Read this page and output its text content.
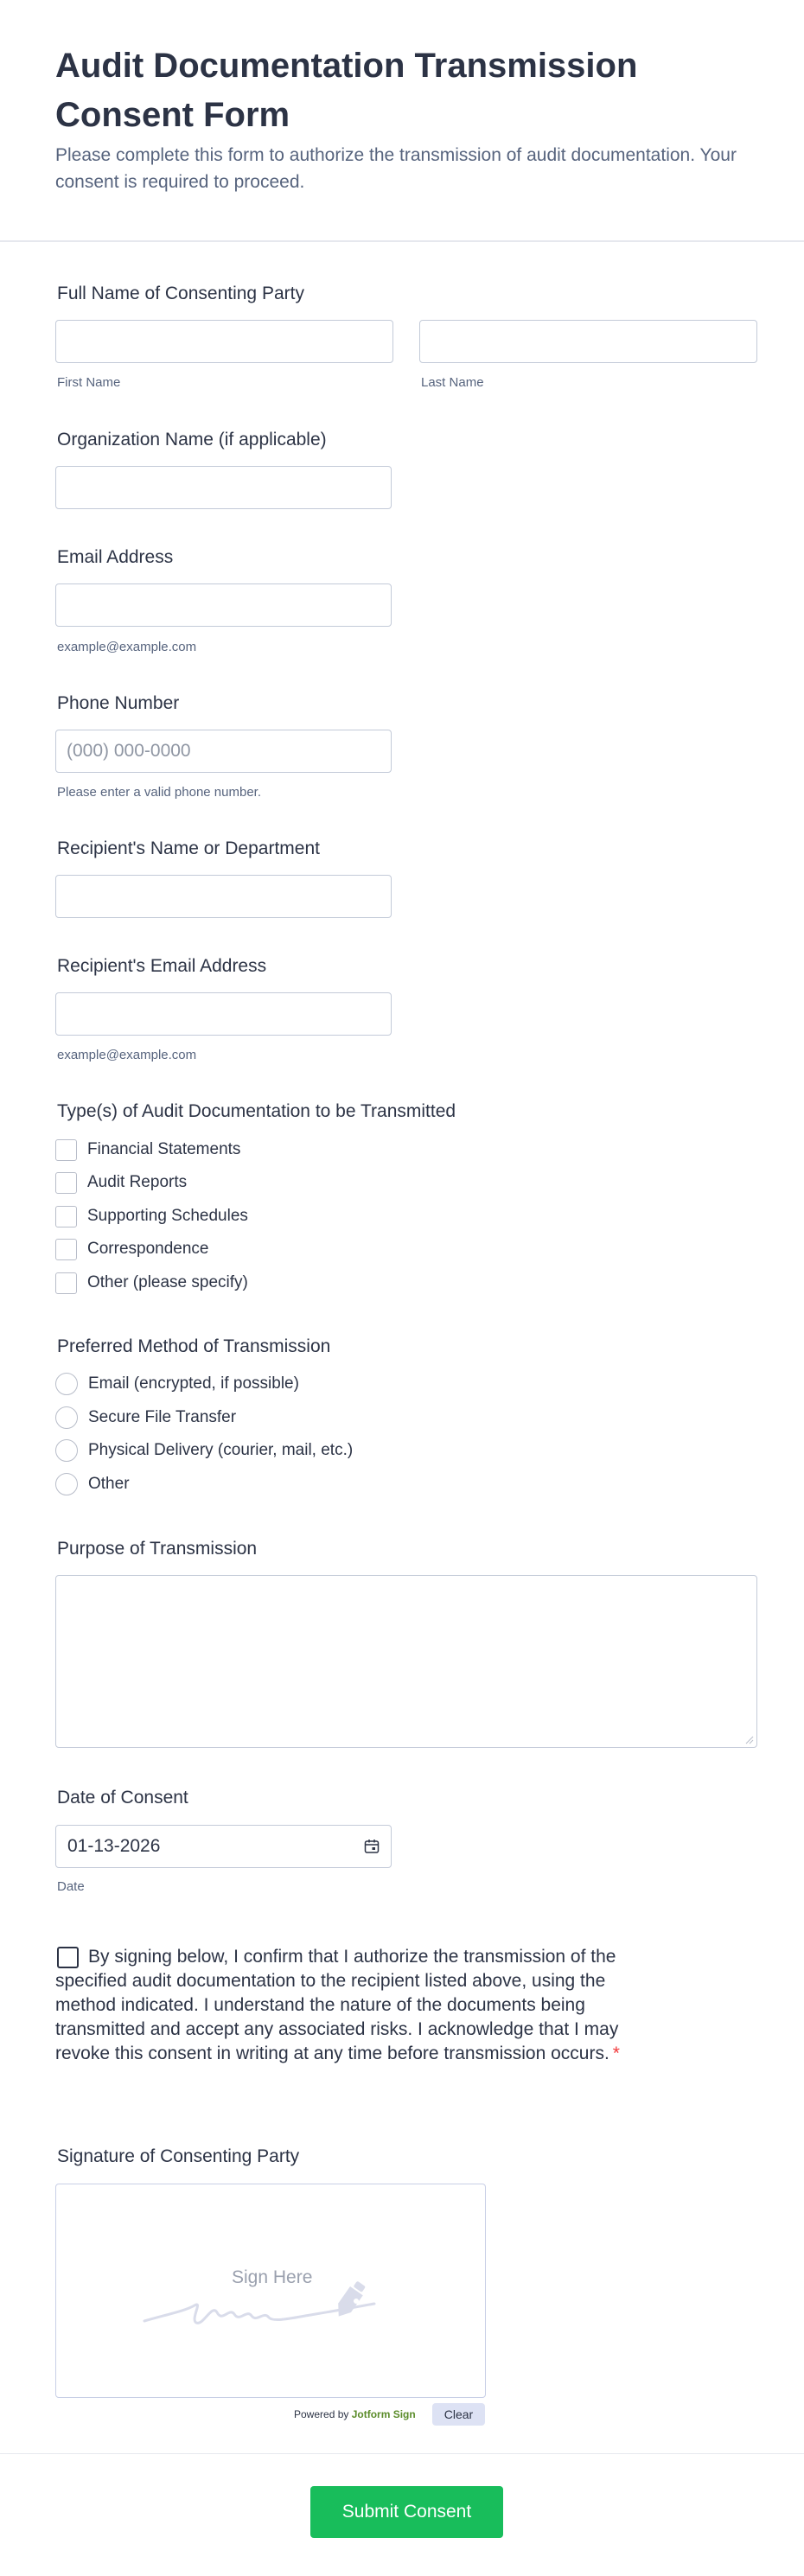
Audit Documentation Transmission Consent Form
Please complete this form to authorize the transmission of audit documentation. Your consent is required to proceed.
Full Name of Consenting Party
First Name	Last Name
Organization Name (if applicable)
Email Address
example@example.com
Phone Number
(000) 000-0000
Please enter a valid phone number.
Recipient's Name or Department
Recipient's Email Address
example@example.com
Type(s) of Audit Documentation to be Transmitted
Financial Statements
Audit Reports
Supporting Schedules
Correspondence
Other (please specify)
Preferred Method of Transmission
Email (encrypted, if possible)
Secure File Transfer
Physical Delivery (courier, mail, etc.)
Other
Purpose of Transmission
Date of Consent
01-13-2026
Date

By signing below, I confirm that I authorize the transmission of the specified audit documentation to the recipient listed above, using the method indicated. I understand the nature of the documents being transmitted and accept any associated risks. I acknowledge that I may revoke this consent in writing at any time before transmission occurs. *

Signature of Consenting Party
Sign Here
Powered by Jotform Sign	Clear
Submit Consent
